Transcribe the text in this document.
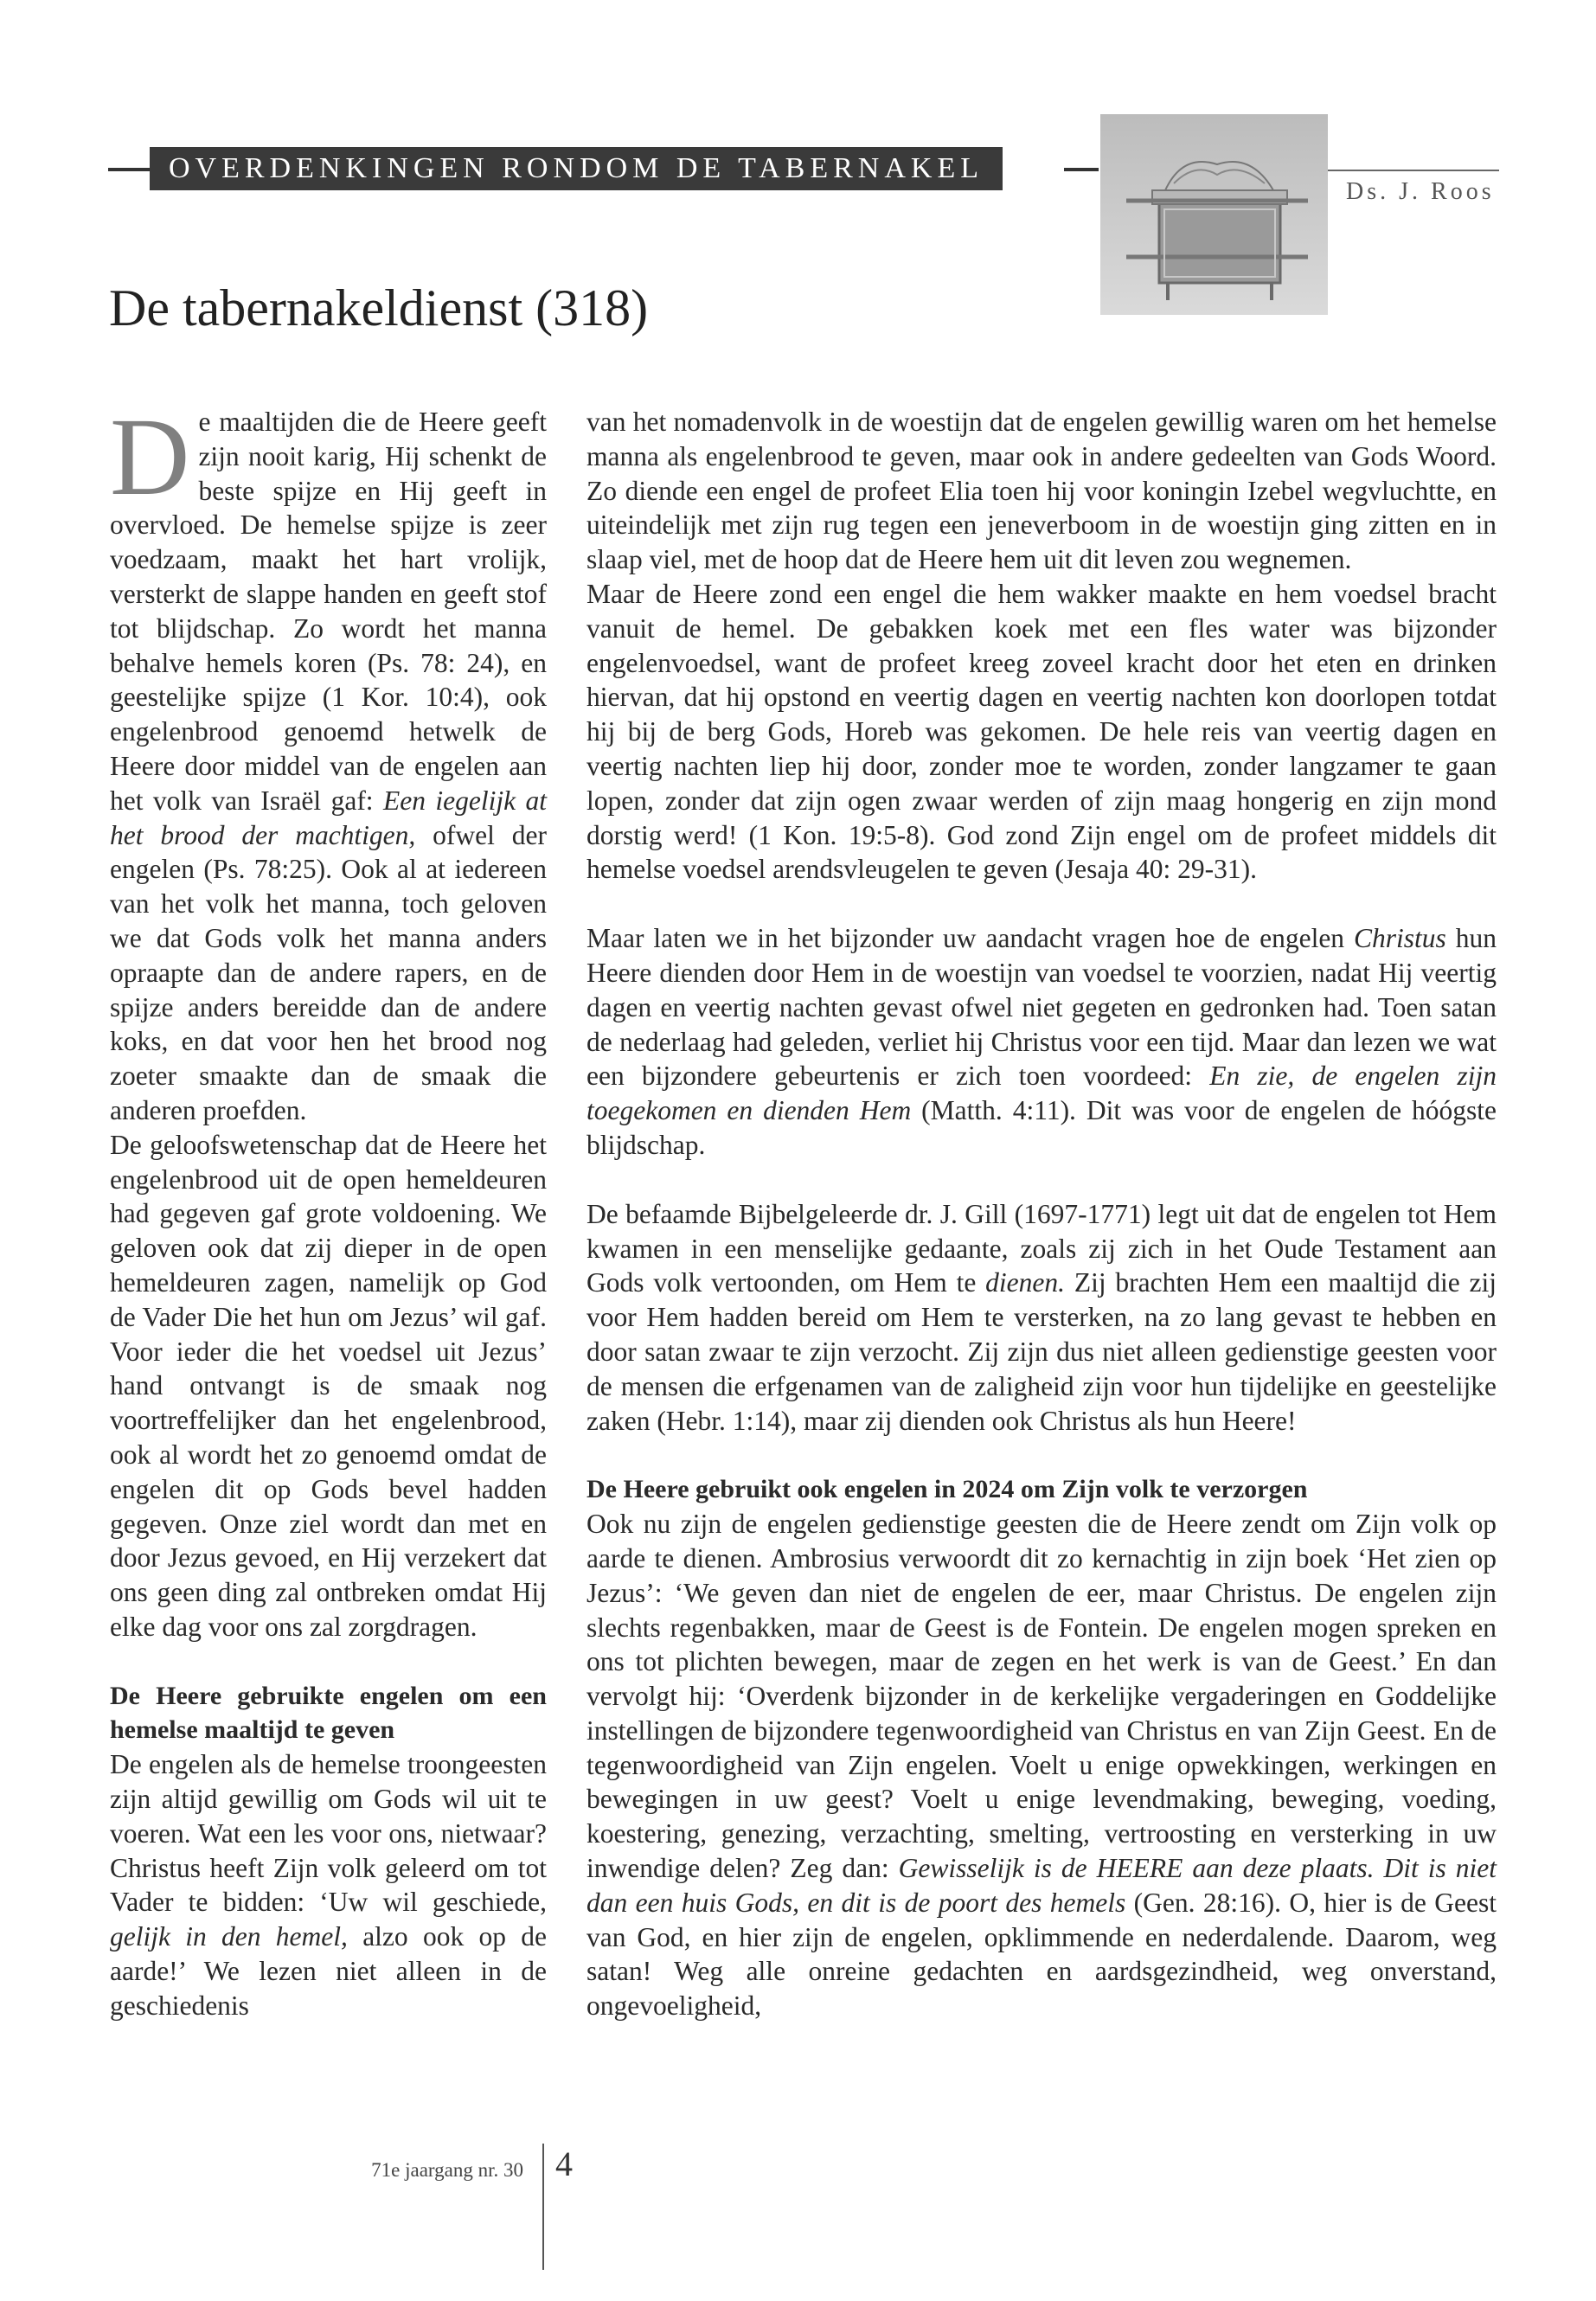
OVERDENKINGEN RONDOM DE TABERNAKEL
Ds. J. Roos
De tabernakeldienst (318)

De maaltijden die de Heere geeft zijn nooit karig, Hij schenkt de beste spijze en Hij geeft in overvloed. De hemelse spijze is zeer voedzaam, maakt het hart vrolijk, versterkt de slappe handen en geeft stof tot blijdschap. Zo wordt het manna behalve hemels koren (Ps. 78: 24), en geestelijke spijze (1 Kor. 10:4), ook engelenbrood genoemd hetwelk de Heere door middel van de engelen aan het volk van Israël gaf: Een iegelijk at het brood der machtigen, ofwel der engelen (Ps. 78:25). Ook al at iedereen van het volk het manna, toch geloven we dat Gods volk het manna anders opraapte dan de andere rapers, en de spijze anders bereidde dan de andere koks, en dat voor hen het brood nog zoeter smaakte dan de smaak die anderen proefden.

De geloofswetenschap dat de Heere het engelenbrood uit de open hemeldeuren had gegeven gaf grote voldoening. We geloven ook dat zij dieper in de open hemeldeuren zagen, namelijk op God de Vader Die het hun om Jezus’ wil gaf. Voor ieder die het voedsel uit Jezus’ hand ontvangt is de smaak nog voortreffelijker dan het engelenbrood, ook al wordt het zo genoemd omdat de engelen dit op Gods bevel hadden gegeven. Onze ziel wordt dan met en door Jezus gevoed, en Hij verzekert dat ons geen ding zal ontbreken omdat Hij elke dag voor ons zal zorgdragen.

De Heere gebruikte engelen om een hemelse maaltijd te geven

De engelen als de hemelse troongeesten zijn altijd gewillig om Gods wil uit te voeren. Wat een les voor ons, nietwaar? Christus heeft Zijn volk geleerd om tot Vader te bidden: ‘Uw wil geschiede, gelijk in den hemel, alzo ook op de aarde!’ We lezen niet alleen in de geschiedenis

van het nomadenvolk in de woestijn dat de engelen gewillig waren om het hemelse manna als engelenbrood te geven, maar ook in andere gedeelten van Gods Woord. Zo diende een engel de profeet Elia toen hij voor koningin Izebel wegvluchtte, en uiteindelijk met zijn rug tegen een jeneverboom in de woestijn ging zitten en in slaap viel, met de hoop dat de Heere hem uit dit leven zou wegnemen.

Maar de Heere zond een engel die hem wakker maakte en hem voedsel bracht vanuit de hemel. De gebakken koek met een fles water was bijzonder engelenvoedsel, want de profeet kreeg zoveel kracht door het eten en drinken hiervan, dat hij opstond en veertig dagen en veertig nachten kon doorlopen totdat hij bij de berg Gods, Horeb was gekomen. De hele reis van veertig dagen en veertig nachten liep hij door, zonder moe te worden, zonder langzamer te gaan lopen, zonder dat zijn ogen zwaar werden of zijn maag hongerig en zijn mond dorstig werd! (1 Kon. 19:5-8). God zond Zijn engel om de profeet middels dit hemelse voedsel arendsvleugelen te geven (Jesaja 40: 29-31).

Maar laten we in het bijzonder uw aandacht vragen hoe de engelen Christus hun Heere dienden door Hem in de woestijn van voedsel te voorzien, nadat Hij veertig dagen en veertig nachten gevast ofwel niet gegeten en gedronken had. Toen satan de nederlaag had geleden, verliet hij Christus voor een tijd. Maar dan lezen we wat een bijzondere gebeurtenis er zich toen voordeed: En zie, de engelen zijn toegekomen en dienden Hem (Matth. 4:11). Dit was voor de engelen de hóógste blijdschap.

De befaamde Bijbelgeleerde dr. J. Gill (1697-1771) legt uit dat de engelen tot Hem kwamen in een menselijke gedaante, zoals zij zich in het Oude Testament aan Gods volk vertoonden, om Hem te dienen. Zij brachten Hem een maaltijd die zij voor Hem hadden bereid om Hem te versterken, na zo lang gevast te hebben en door satan zwaar te zijn verzocht. Zij zijn dus niet alleen gedienstige geesten voor de mensen die erfgenamen van de zaligheid zijn voor hun tijdelijke en geestelijke zaken (Hebr. 1:14), maar zij dienden ook Christus als hun Heere!

De Heere gebruikt ook engelen in 2024 om Zijn volk te verzorgen

Ook nu zijn de engelen gedienstige geesten die de Heere zendt om Zijn volk op aarde te dienen. Ambrosius verwoordt dit zo kernachtig in zijn boek ‘Het zien op Jezus’: ‘We geven dan niet de engelen de eer, maar Christus. De engelen zijn slechts regenbakken, maar de Geest is de Fontein. De engelen mogen spreken en ons tot plichten bewegen, maar de zegen en het werk is van de Geest.’ En dan vervolgt hij: ‘Overdenk bijzonder in de kerkelijke vergaderingen en Goddelijke instellingen de bijzondere tegenwoordigheid van Christus en van Zijn Geest. En de tegenwoordigheid van Zijn engelen. Voelt u enige opwekkingen, werkingen en bewegingen in uw geest? Voelt u enige levendmaking, beweging, voeding, koestering, genezing, verzachting, smelting, vertroosting en versterking in uw inwendige delen? Zeg dan: Gewisselijk is de HEERE aan deze plaats. Dit is niet dan een huis Gods, en dit is de poort des hemels (Gen. 28:16). O, hier is de Geest van God, en hier zijn de engelen, opklimmende en nederdalende. Daarom, weg satan! Weg alle onreine gedachten en aardsgezindheid, weg onverstand, ongevoeligheid,

71e jaargang nr. 30 4
